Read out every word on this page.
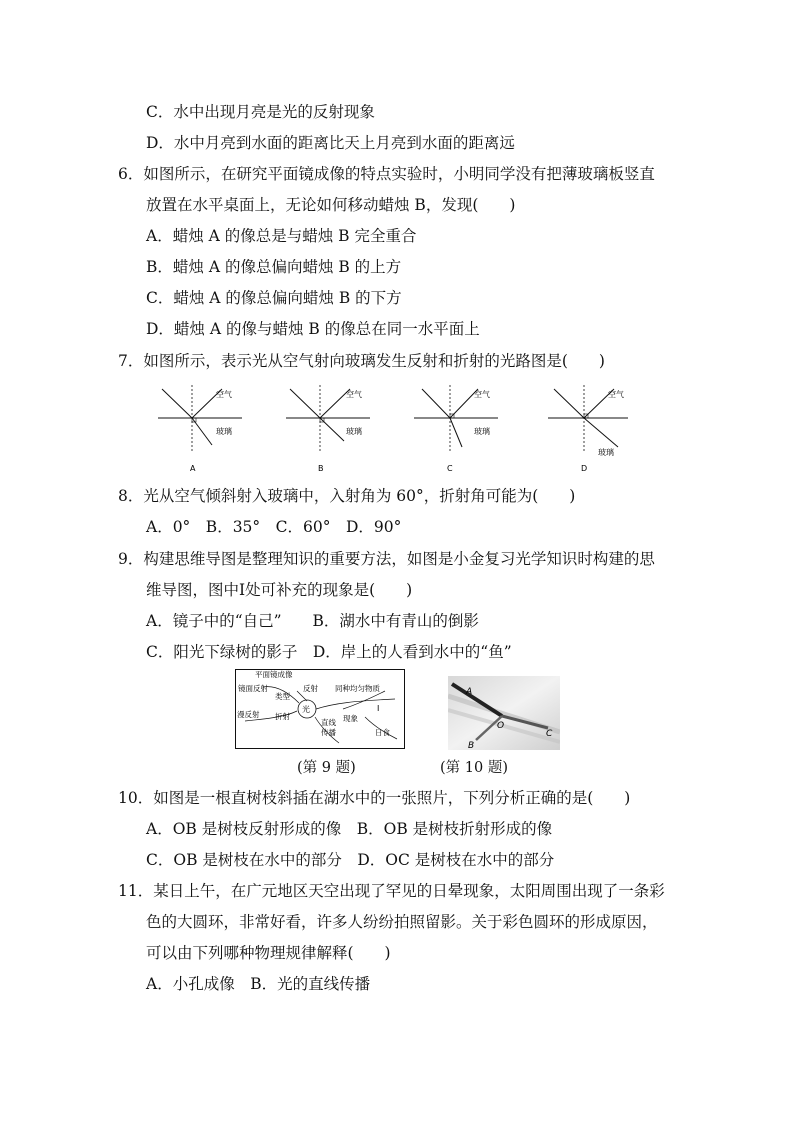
C．水中出现月亮是光的反射现象
D．水中月亮到水面的距离比天上月亮到水面的距离远
6．如图所示，在研究平面镜成像的特点实验时，小明同学没有把薄玻璃板竖直
放置在水平桌面上，无论如何移动蜡烛 B，发现(　　)
A．蜡烛 A 的像总是与蜡烛 B 完全重合
B．蜡烛 A 的像总偏向蜡烛 B 的上方
C．蜡烛 A 的像总偏向蜡烛 B 的下方
D．蜡烛 A 的像与蜡烛 B 的像总在同一水平面上
7．如图所示，表示光从空气射向玻璃发生反射和折射的光路图是(　　)
空气
玻璃
A
空气
玻璃
B
空气
玻璃
C
空气
玻璃
D
8．光从空气倾斜射入玻璃中，入射角为 60°，折射角可能为(　　)
A．0°　B．35°　C．60°　D．90°
9．构建思维导图是整理知识的重要方法，如图是小金复习光学知识时构建的思
维导图，图中Ⅰ处可补充的现象是(　　)
A．镜子中的“自己”　　B．湖水中有青山的倒影
C．阳光下绿树的影子　D．岸上的人看到水中的“鱼”
平面镜成像
镜面反射
类型
反射 同种均匀物质
漫反射 折射
光
现象
Ⅰ
直线
传播	日食
A
O
B
C
(第 9 题)	(第 10 题)
10．如图是一根直树枝斜插在湖水中的一张照片，下列分析正确的是(　　)
A．OB 是树枝反射形成的像　B．OB 是树枝折射形成的像
C．OB 是树枝在水中的部分　D．OC 是树枝在水中的部分
11．某日上午，在广元地区天空出现了罕见的日晕现象，太阳周围出现了一条彩
色的大圆环，非常好看，许多人纷纷拍照留影。关于彩色圆环的形成原因，
可以由下列哪种物理规律解释(　　)
A．小孔成像　B．光的直线传播
